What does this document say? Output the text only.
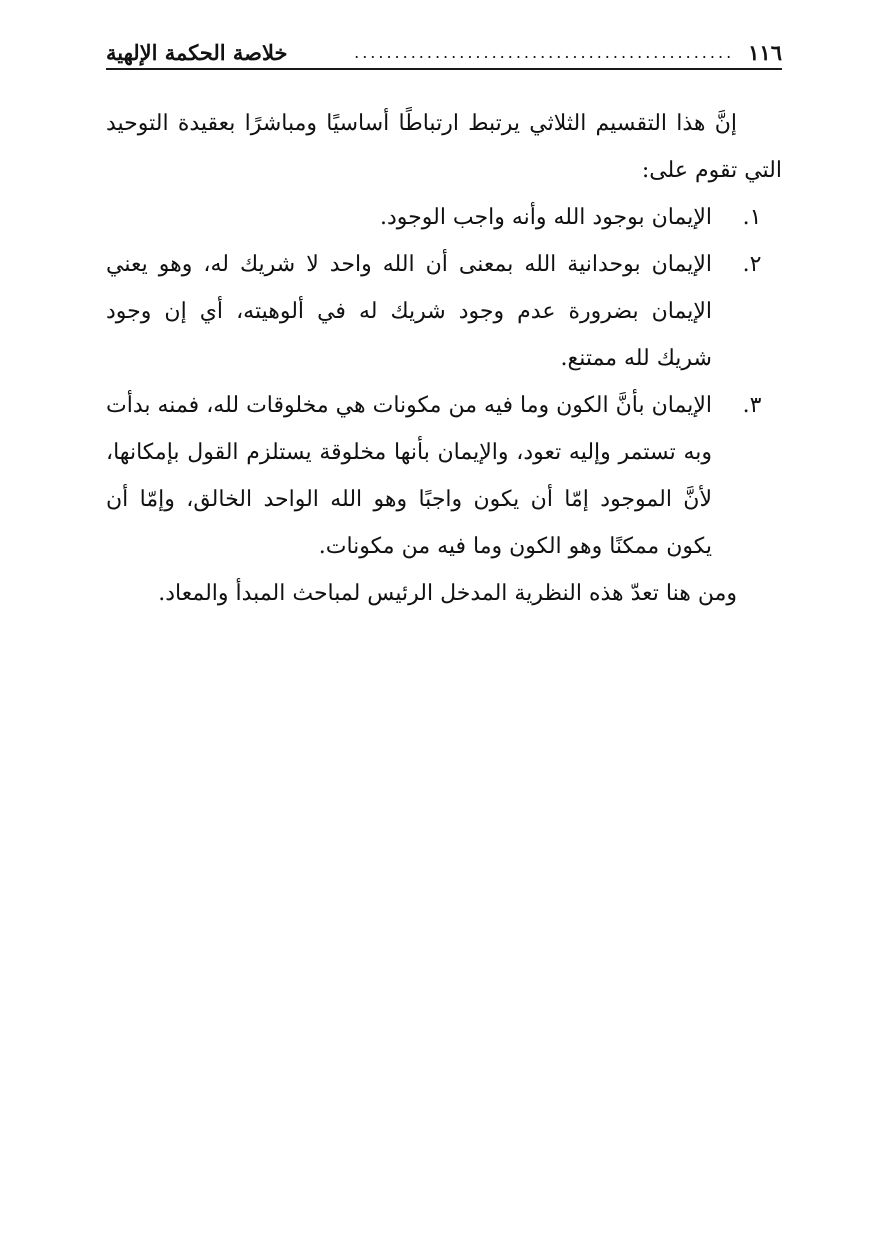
١١٦
...............................................
خلاصة الحكمة الإلهية

إنَّ هذا التقسيم الثلاثي يرتبط ارتباطًا أساسيًا ومباشرًا بعقيدة التوحيد التي تقوم على:

١.
الإيمان بوجود الله وأنه واجب الوجود.
٢.
الإيمان بوحدانية الله بمعنى أن الله واحد لا شريك له، وهو يعني الإيمان بضرورة عدم وجود شريك له في ألوهيته، أي إن وجود شريك لله ممتنع.
٣.
الإيمان بأنَّ الكون وما فيه من مكونات هي مخلوقات لله، فمنه بدأت وبه تستمر وإليه تعود، والإيمان بأنها مخلوقة يستلزم القول بإمكانها، لأنَّ الموجود إمّا أن يكون واجبًا وهو الله الواحد الخالق، وإمّا أن يكون ممكنًا وهو الكون وما فيه من مكونات.

ومن هنا تعدّ هذه النظرية المدخل الرئيس لمباحث المبدأ والمعاد.
